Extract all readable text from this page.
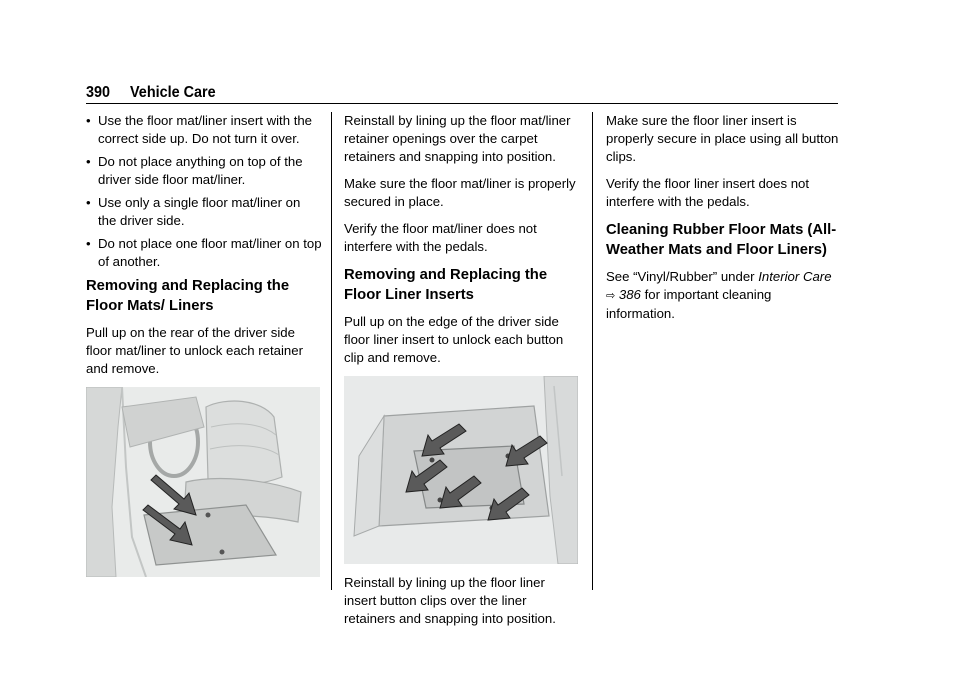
390 Vehicle Care
• Use the floor mat/liner insert with the correct side up. Do not turn it over.
• Do not place anything on top of the driver side floor mat/liner.
• Use only a single floor mat/liner on the driver side.
• Do not place one floor mat/liner on top of another.
Removing and Replacing the Floor Mats/ Liners

Pull up on the rear of the driver side floor mat/liner to unlock each retainer and remove.

Reinstall by lining up the floor mat/liner retainer openings over the carpet retainers and snapping into position.

Make sure the floor mat/liner is properly secured in place.

Verify the floor mat/liner does not interfere with the pedals.

Removing and Replacing the Floor Liner Inserts

Pull up on the edge of the driver side floor liner insert to unlock each button clip and remove.

Reinstall by lining up the floor liner insert button clips over the liner retainers and snapping into position.

Make sure the floor liner insert is properly secure in place using all button clips.

Verify the floor liner insert does not interfere with the pedals.

Cleaning Rubber Floor Mats (All-Weather Mats and Floor Liners)

See “Vinyl/Rubber” under Interior Care
⇨ 386 for important cleaning information.
